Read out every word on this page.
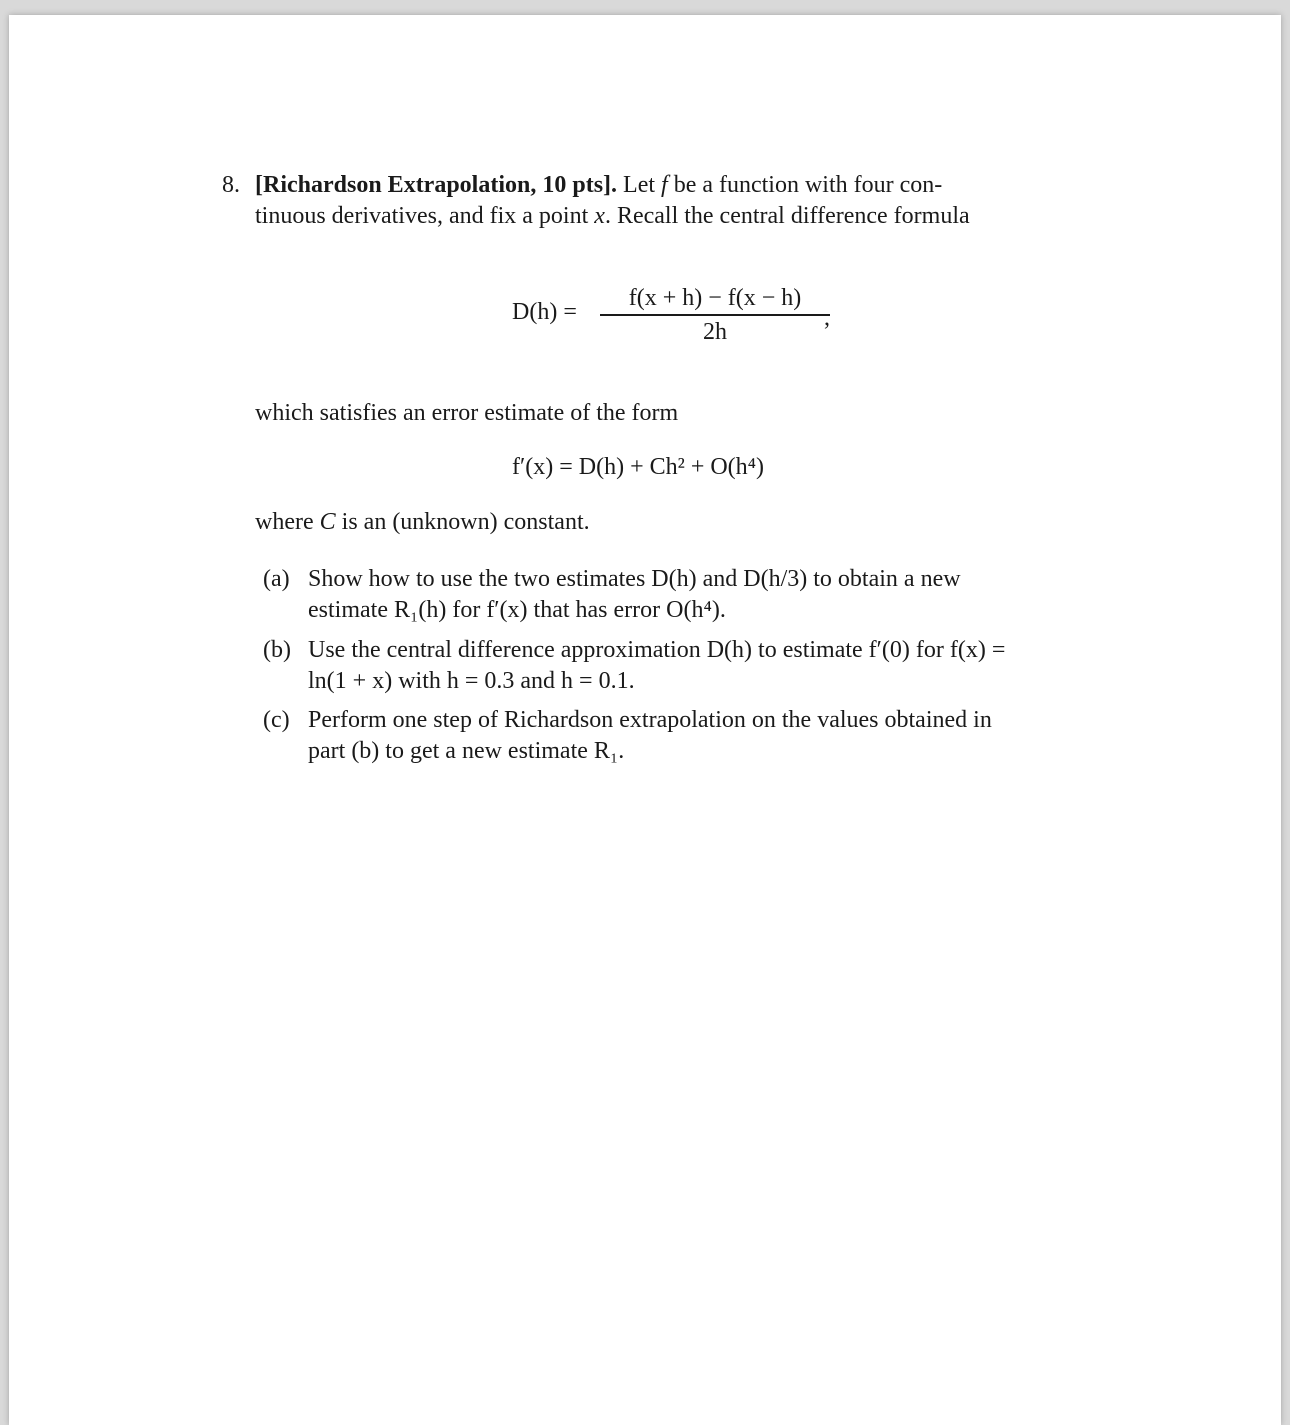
8. [Richardson Extrapolation, 10 pts]. Let f be a function with four con-
tinuous derivatives, and fix a point x. Recall the central difference formula
D(h) =
f(x + h) − f(x − h)
2h
,
which satisfies an error estimate of the form
f′(x) = D(h) + Ch² + O(h⁴)
where C is an (unknown) constant.
(a) Show how to use the two estimates D(h) and D(h/3) to obtain a new
estimate R₁(h) for f′(x) that has error O(h⁴).
(b) Use the central difference approximation D(h) to estimate f′(0) for f(x) =
ln(1 + x) with h = 0.3 and h = 0.1.
(c) Perform one step of Richardson extrapolation on the values obtained in
part (b) to get a new estimate R₁.
